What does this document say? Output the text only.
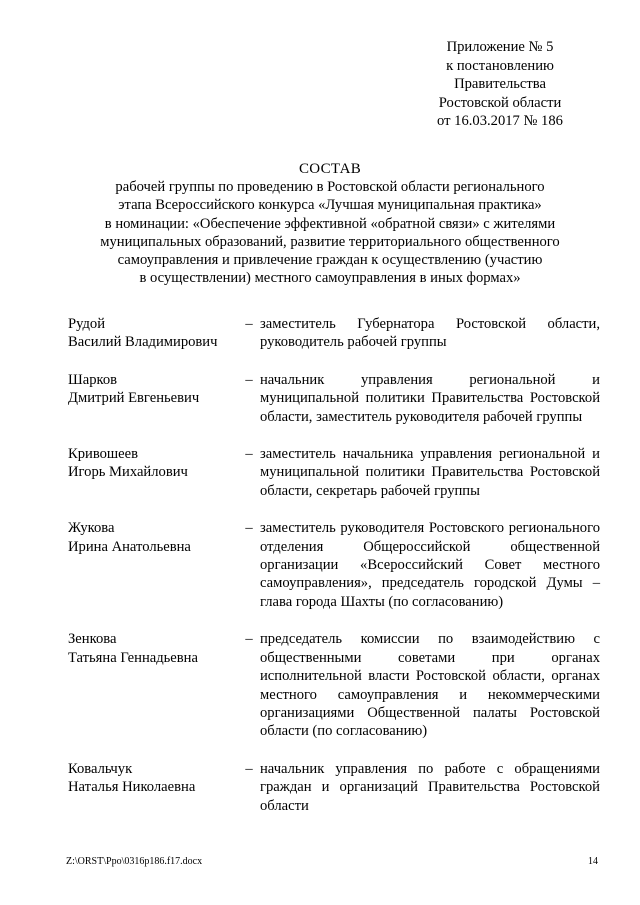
Приложение № 5
к постановлению
Правительства
Ростовской области
от 16.03.2017 № 186
СОСТАВ
рабочей группы по проведению в Ростовской области регионального
этапа Всероссийского конкурса «Лучшая муниципальная практика»
в номинации: «Обеспечение эффективной «обратной связи» с жителями
муниципальных образований, развитие территориального общественного
самоуправления и привлечение граждан к осуществлению (участию
в осуществлении) местного самоуправления в иных формах»
Рудой
Василий Владимирович
– заместитель Губернатора Ростовской области, руководитель рабочей группы
Шарков
Дмитрий Евгеньевич
– начальник управления региональной и муниципальной политики Правительства Ростовской области, заместитель руководителя рабочей группы
Кривошеев
Игорь Михайлович
– заместитель начальника управления региональной и муниципальной политики Правительства Ростовской области, секретарь рабочей группы
Жукова
Ирина Анатольевна
– заместитель руководителя Ростовского регионального отделения Общероссийской общественной организации «Всероссийский Совет местного самоуправления», председатель городской Думы – глава города Шахты (по согласованию)
Зенкова
Татьяна Геннадьевна
– председатель комиссии по взаимодействию с общественными советами при органах исполнительной власти Ростовской области, органах местного самоуправления и некоммерческими организациями Общественной палаты Ростовской области (по согласованию)
Ковальчук
Наталья Николаевна
– начальник управления по работе с обращениями граждан и организаций Правительства Ростовской области
Z:\ORST\Ppo\0316p186.f17.docx	14
